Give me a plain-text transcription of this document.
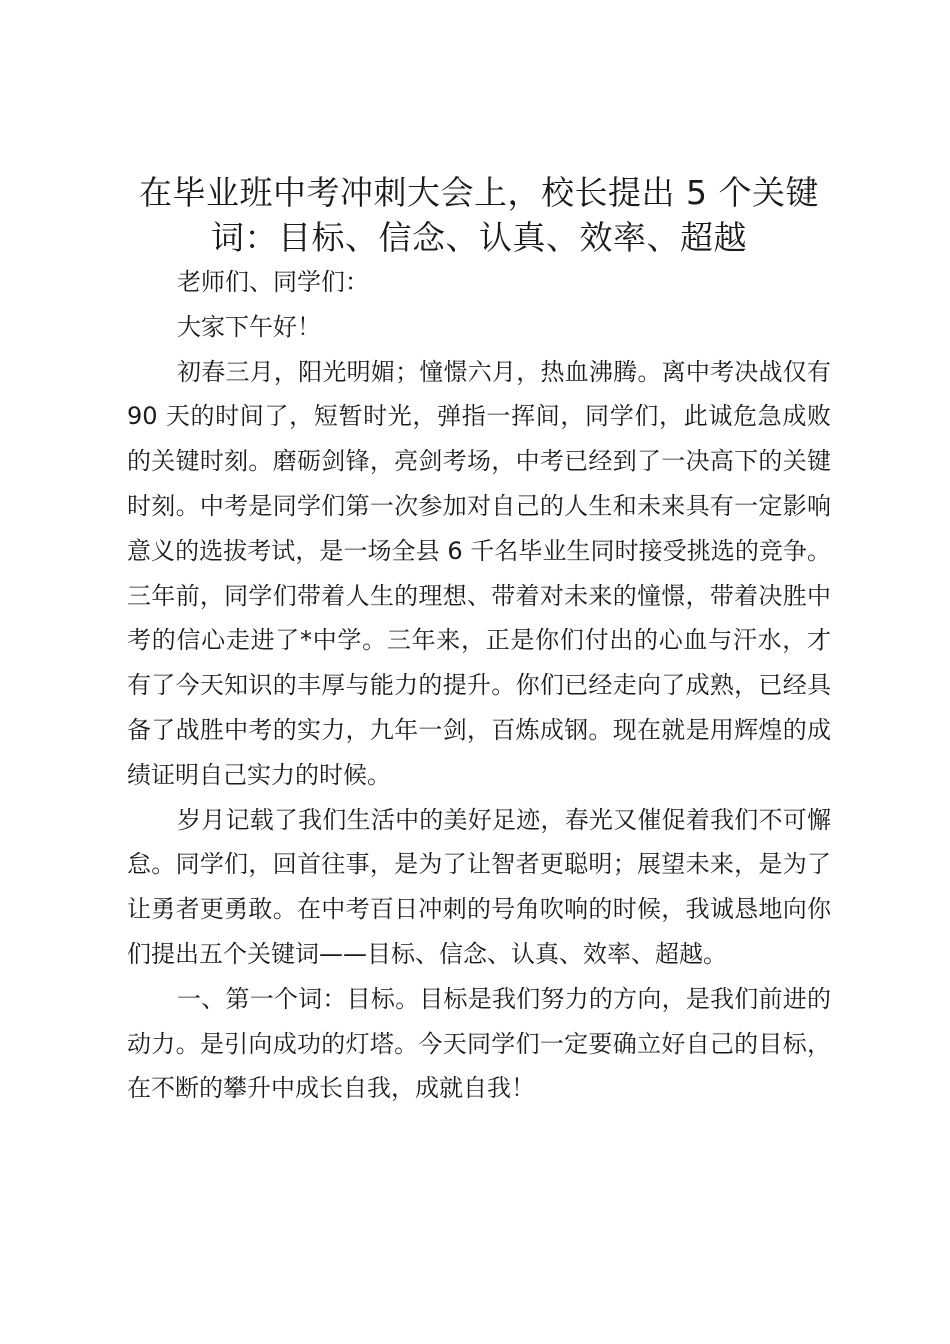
在毕业班中考冲刺大会上，校长提出 5 个关键
词：目标、信念、认真、效率、超越

老师们、同学们：

大家下午好！

初春三月，阳光明媚；憧憬六月，热血沸腾。离中考决战仅有 90 天的时间了，短暂时光，弹指一挥间，同学们，此诚危急成败的关键时刻。磨砺剑锋，亮剑考场，中考已经到了一决高下的关键时刻。中考是同学们第一次参加对自己的人生和未来具有一定影响意义的选拔考试，是一场全县 6 千名毕业生同时接受挑选的竞争。三年前，同学们带着人生的理想、带着对未来的憧憬，带着决胜中考的信心走进了*中学。三年来，正是你们付出的心血与汗水，才有了今天知识的丰厚与能力的提升。你们已经走向了成熟，已经具备了战胜中考的实力，九年一剑，百炼成钢。现在就是用辉煌的成绩证明自己实力的时候。

岁月记载了我们生活中的美好足迹，春光又催促着我们不可懈怠。同学们，回首往事，是为了让智者更聪明；展望未来，是为了让勇者更勇敢。在中考百日冲刺的号角吹响的时候，我诚恳地向你们提出五个关键词——目标、信念、认真、效率、超越。

一、第一个词：目标。目标是我们努力的方向，是我们前进的动力。是引向成功的灯塔。今天同学们一定要确立好自己的目标，在不断的攀升中成长自我，成就自我！
